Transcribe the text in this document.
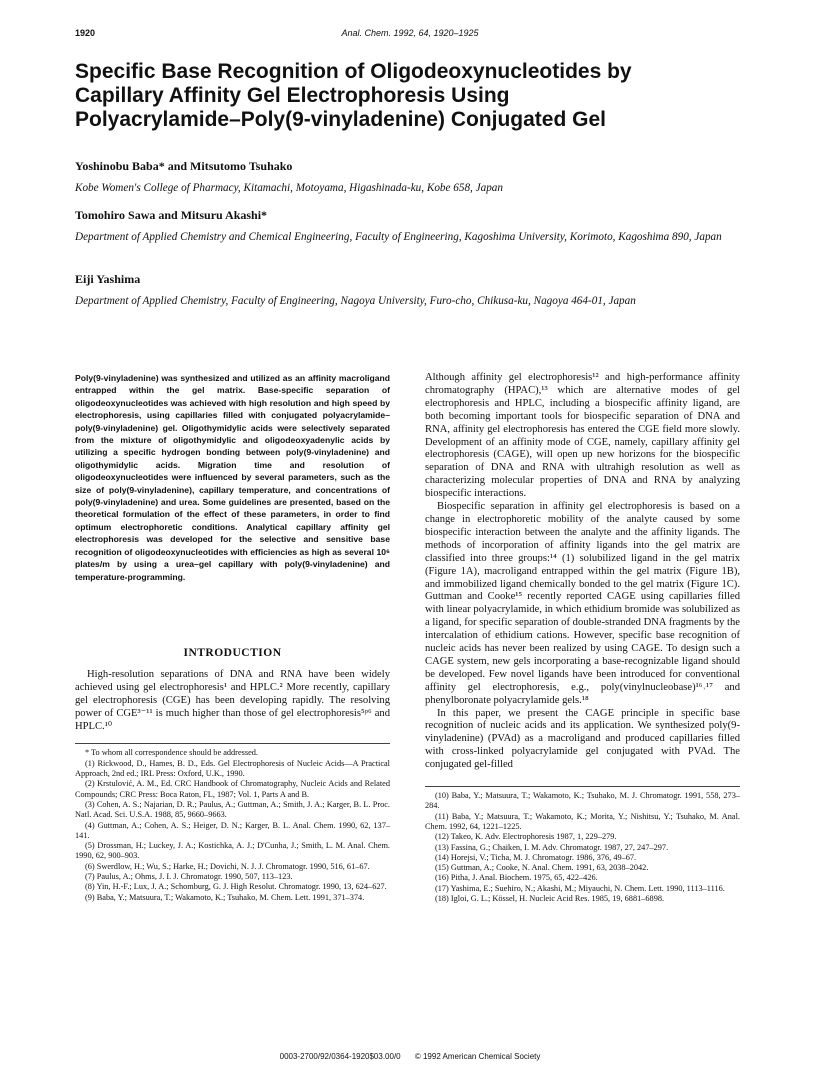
1920	Anal. Chem. 1992, 64, 1920–1925
Specific Base Recognition of Oligodeoxynucleotides by Capillary Affinity Gel Electrophoresis Using Polyacrylamide–Poly(9-vinyladenine) Conjugated Gel

Yoshinobu Baba* and Mitsutomo Tsuhako

Kobe Women's College of Pharmacy, Kitamachi, Motoyama, Higashinada-ku, Kobe 658, Japan

Tomohiro Sawa and Mitsuru Akashi*

Department of Applied Chemistry and Chemical Engineering, Faculty of Engineering, Kagoshima University, Korimoto, Kagoshima 890, Japan

Eiji Yashima

Department of Applied Chemistry, Faculty of Engineering, Nagoya University, Furo-cho, Chikusa-ku, Nagoya 464-01, Japan

Poly(9-vinyladenine) was synthesized and utilized as an affinity macroligand entrapped within the gel matrix. Base-specific separation of oligodeoxynucleotides was achieved with high resolution and high speed by electrophoresis, using capillaries filled with conjugated polyacrylamide–poly(9-vinyladenine) gel. Oligothymidylic acids were selectively separated from the mixture of oligothymidylic and oligodeoxyadenylic acids by utilizing a specific hydrogen bonding between poly(9-vinyladenine) and oligothymidylic acids. Migration time and resolution of oligodeoxynucleotides were influenced by several parameters, such as the size of poly(9-vinyladenine), capillary temperature, and concentrations of poly(9-vinyladenine) and urea. Some guidelines are presented, based on the theoretical formulation of the effect of these parameters, in order to find optimum electrophoretic conditions. Analytical capillary affinity gel electrophoresis was developed for the selective and sensitive base recognition of oligodeoxynucleotides with efficiencies as high as several 10⁶ plates/m by using a urea–gel capillary with poly(9-vinyladenine) and temperature-programming.

INTRODUCTION

High-resolution separations of DNA and RNA have been widely achieved using gel electrophoresis¹ and HPLC.² More recently, capillary gel electrophoresis (CGE) has been developing rapidly. The resolving power of CGE³⁻¹¹ is much higher than those of gel electrophoresis⁵ᵖ⁶ and HPLC.¹⁰

* To whom all correspondence should be addressed.
(1) Rickwood, D., Hames, B. D., Eds. Gel Electrophoresis of Nucleic Acids—A Practical Approach, 2nd ed.; IRL Press: Oxford, U.K., 1990.
(2) Krstulović, A. M., Ed. CRC Handbook of Chromatography, Nucleic Acids and Related Compounds; CRC Press: Boca Raton, FL, 1987; Vol. 1, Parts A and B.
(3) Cohen, A. S.; Najarian, D. R.; Paulus, A.; Guttman, A.; Smith, J. A.; Karger, B. L. Proc. Natl. Acad. Sci. U.S.A. 1988, 85, 9660–9663.
(4) Guttman, A.; Cohen, A. S.; Heiger, D. N.; Karger, B. L. Anal. Chem. 1990, 62, 137–141.
(5) Drossman, H.; Luckey, J. A.; Kostichka, A. J.; D'Cunha, J.; Smith, L. M. Anal. Chem. 1990, 62, 900–903.
(6) Swerdlow, H.; Wu, S.; Harke, H.; Dovichi, N. J. J. Chromatogr. 1990, 516, 61–67.
(7) Paulus, A.; Ohms, J. I. J. Chromatogr. 1990, 507, 113–123.
(8) Yin, H.-F.; Lux, J. A.; Schomburg, G. J. High Resolut. Chromatogr. 1990, 13, 624–627.
(9) Baba, Y.; Matsuura, T.; Wakamoto, K.; Tsuhako, M. Chem. Lett. 1991, 371–374.

Although affinity gel electrophoresis¹² and high-performance affinity chromatography (HPAC),¹³ which are alternative modes of gel electrophoresis and HPLC, including a biospecific affinity ligand, are both becoming important tools for biospecific separation of DNA and RNA, affinity gel electrophoresis has entered the CGE field more slowly. Development of an affinity mode of CGE, namely, capillary affinity gel electrophoresis (CAGE), will open up new horizons for the biospecific separation of DNA and RNA with ultrahigh resolution as well as characterizing molecular properties of DNA and RNA by analyzing biospecific interactions.

Biospecific separation in affinity gel electrophoresis is based on a change in electrophoretic mobility of the analyte caused by some biospecific interaction between the analyte and the affinity ligands. The methods of incorporation of affinity ligands into the gel matrix are classified into three groups:¹⁴ (1) solubilized ligand in the gel matrix (Figure 1A), macroligand entrapped within the gel matrix (Figure 1B), and immobilized ligand chemically bonded to the gel matrix (Figure 1C). Guttman and Cooke¹⁵ recently reported CAGE using capillaries filled with linear polyacrylamide, in which ethidium bromide was solubilized as a ligand, for specific separation of double-stranded DNA fragments by the intercalation of ethidium cations. However, specific base recognition of nucleic acids has never been realized by using CAGE. To design such a CAGE system, new gels incorporating a base-recognizable ligand should be developed. Few novel ligands have been introduced for conventional affinity gel electrophoresis, e.g., poly(vinylnucleobase)¹⁶˒¹⁷ and phenylboronate polyacrylamide gels.¹⁸

In this paper, we present the CAGE principle in specific base recognition of nucleic acids and its application. We synthesized poly(9-vinyladenine) (PVAd) as a macroligand and produced capillaries filled with cross-linked polyacrylamide gel conjugated with PVAd. The conjugated gel-filled

(10) Baba, Y.; Matsuura, T.; Wakamoto, K.; Tsuhako, M. J. Chromatogr. 1991, 558, 273–284.
(11) Baba, Y.; Matsuura, T.; Wakamoto, K.; Morita, Y.; Nishitsu, Y.; Tsuhako, M. Anal. Chem. 1992, 64, 1221–1225.
(12) Takeo, K. Adv. Electrophoresis 1987, 1, 229–279.
(13) Fassina, G.; Chaiken, I. M. Adv. Chromatogr. 1987, 27, 247–297.
(14) Horejsi, V.; Ticha, M. J. Chromatogr. 1986, 376, 49–67.
(15) Guttman, A.; Cooke, N. Anal. Chem. 1991, 63, 2038–2042.
(16) Pitha, J. Anal. Biochem. 1975, 65, 422–426.
(17) Yashima, E.; Suehiro, N.; Akashi, M.; Miyauchi, N. Chem. Lett. 1990, 1113–1116.
(18) Igloi, G. L.; Kössel, H. Nucleic Acid Res. 1985, 19, 6881–6898.
0003-2700/92/0364-1920$03.00/0 © 1992 American Chemical Society
